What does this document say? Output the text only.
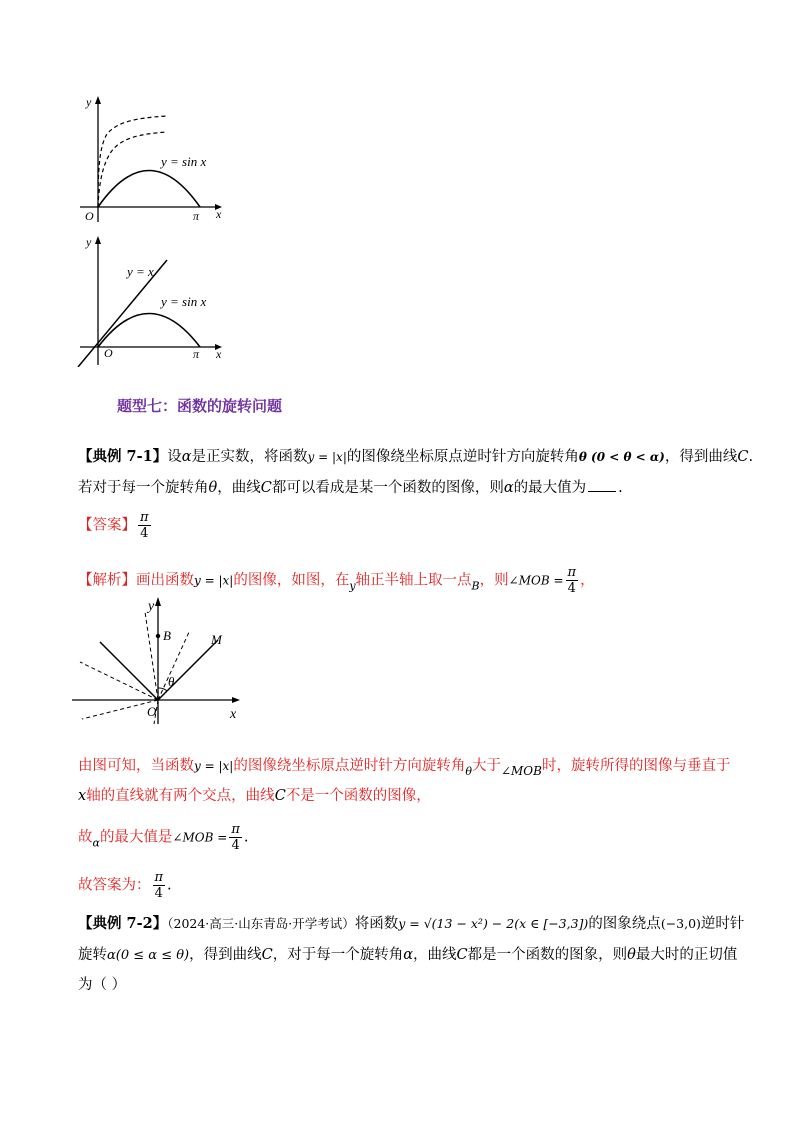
y = sin x
y
x
O	π
y = x
y = sin x
y
x
O	π
题型七：函数的旋转问题
【典例 7-1】设α是正实数，将函数y = |x|的图像绕坐标原点逆时针方向旋转角θ (0 < θ < α)，得到曲线C.
若对于每一个旋转角θ，曲线C都可以看成是某一个函数的图像，则α的最大值为 .
【答案】 $\frac{\pi}{4}$
【解析】画出函数y = |x|的图像，如图，在$_y$轴正半轴上取一点$_B$，则∠MOB = $\frac{\pi}{4}$ ，
B	M
θ
O	x
y
由图可知，当函数y = |x|的图像绕坐标原点逆时针方向旋转角$_\theta$大于$_{\angle MOB}$时，旋转所得的图像与垂直于
x轴的直线就有两个交点，曲线C不是一个函数的图像，
故$_\alpha$的最大值是∠MOB = $\frac{\pi}{4}$ .
故答案为： $\frac{\pi}{4}$ .
【典例 7-2】（2024·高三·山东青岛·开学考试）将函数y = √(13 − x²) − 2(x ∈ [−3,3])的图象绕点(−3,0)逆时针
旋转α(0 ≤ α ≤ θ)，得到曲线C，对于每一个旋转角α，曲线C都是一个函数的图象，则θ最大时的正切值
为（ ）
